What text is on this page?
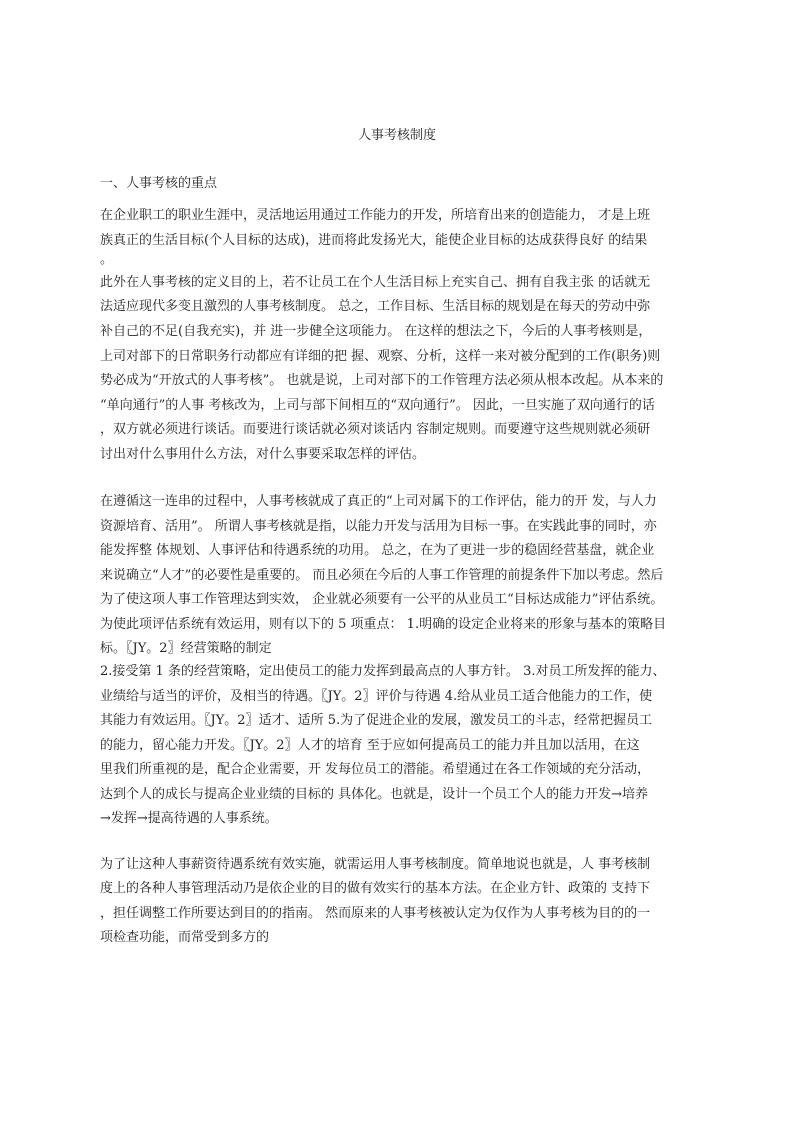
人事考核制度
一、人事考核的重点
在企业职工的职业生涯中，灵活地运用通过工作能力的开发，所培育出来的创造能力， 才是上班
族真正的生活目标(个人目标的达成)，进而将此发扬光大，能使企业目标的达成获得良好 的结果
。
此外在人事考核的定义目的上，若不让员工在个人生活目标上充实自己、拥有自我主张 的话就无
法适应现代多变且激烈的人事考核制度。 总之，工作目标、生活目标的规划是在每天的劳动中弥
补自己的不足(自我充实)，并 进一步健全这项能力。 在这样的想法之下，今后的人事考核则是，
上司对部下的日常职务行动都应有详细的把 握、观察、分析，这样一来对被分配到的工作(职务)则
势必成为“开放式的人事考核”。 也就是说，上司对部下的工作管理方法必须从根本改起。从本来的
“单向通行”的人事 考核改为，上司与部下间相互的“双向通行”。 因此，一旦实施了双向通行的话
，双方就必须进行谈话。而要进行谈话就必须对谈话内 容制定规则。而要遵守这些规则就必须研
讨出对什么事用什么方法，对什么事要采取怎样的评估。
在遵循这一连串的过程中，人事考核就成了真正的“上司对属下的工作评估，能力的开 发，与人力
资源培育、活用”。 所谓人事考核就是指，以能力开发与活用为目标一事。在实践此事的同时，亦
能发挥整 体规划、人事评估和待遇系统的功用。 总之，在为了更进一步的稳固经营基盘，就企业
来说确立“人才”的必要性是重要的。 而且必须在今后的人事工作管理的前提条件下加以考虑。然后
为了使这项人事工作管理达到实效， 企业就必须要有一公平的从业员工“目标达成能力”评估系统。
为使此项评估系统有效运用，则有以下的 5 项重点： 1.明确的设定企业将来的形象与基本的策略目
标。〖JY。2〗经营策略的制定
2.接受第 1 条的经营策略，定出使员工的能力发挥到最高点的人事方针。 3.对员工所发挥的能力、
业绩给与适当的评价，及相当的待遇。〖JY。2〗评价与待遇 4.给从业员工适合他能力的工作，使
其能力有效运用。〖JY。2〗适才、适所 5.为了促进企业的发展，激发员工的斗志，经常把握员工
的能力，留心能力开发。〖JY。2〗人才的培育 至于应如何提高员工的能力并且加以活用，在这
里我们所重视的是，配合企业需要，开 发每位员工的潜能。希望通过在各工作领域的充分活动，
达到个人的成长与提高企业业绩的目标的 具体化。也就是，设计一个员工个人的能力开发→培养
→发挥→提高待遇的人事系统。
为了让这种人事薪资待遇系统有效实施，就需运用人事考核制度。简单地说也就是，人 事考核制
度上的各种人事管理活动乃是依企业的目的做有效实行的基本方法。在企业方针、政策的 支持下
，担任调整工作所要达到目的的指南。 然而原来的人事考核被认定为仅作为人事考核为目的的一
项检查功能，而常受到多方的
